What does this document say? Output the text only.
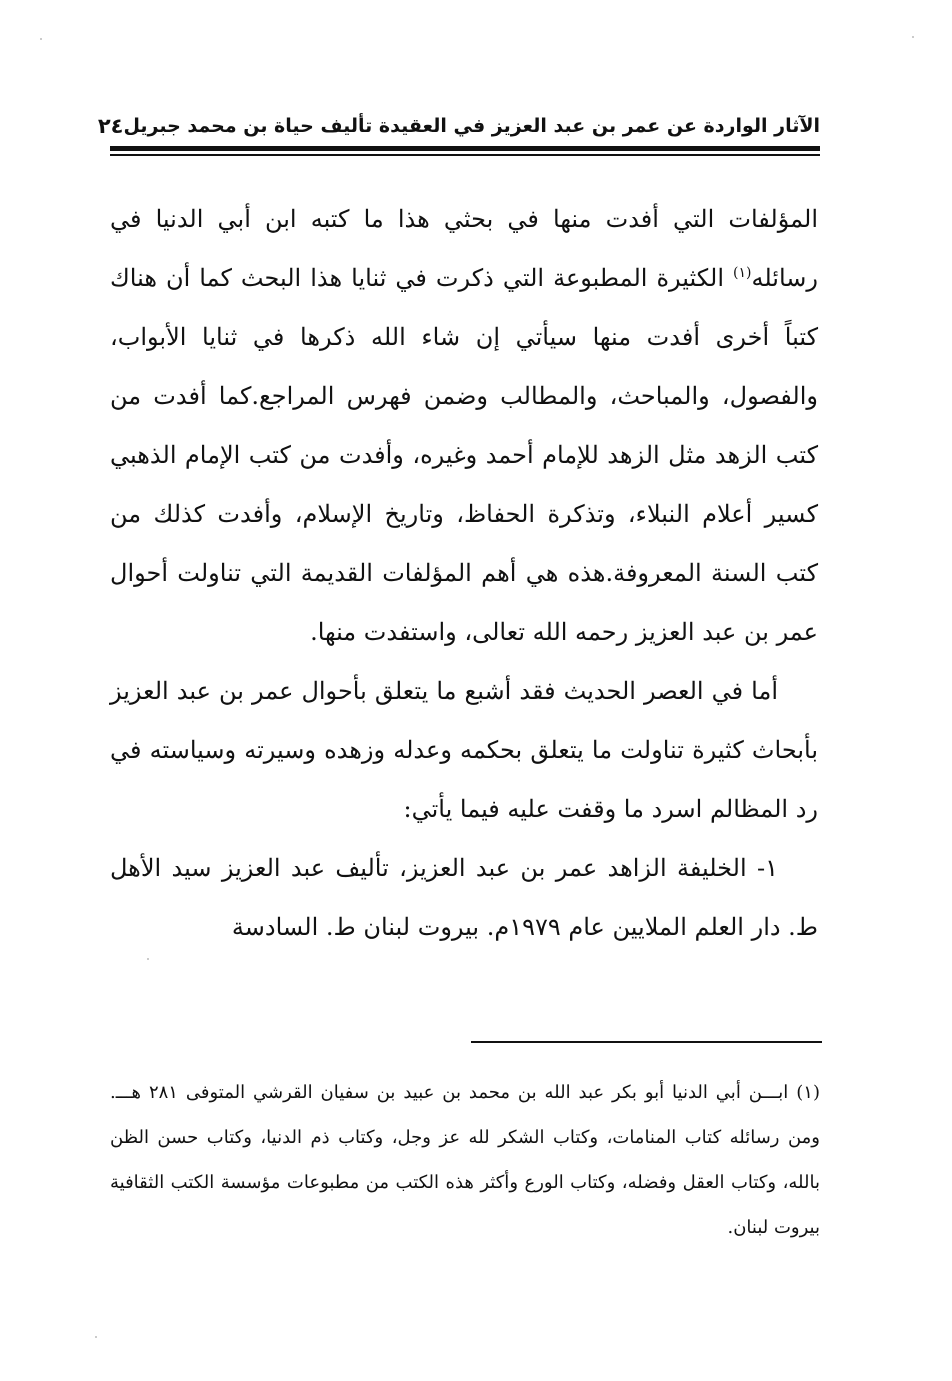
الآثار الواردة عن عمر بن عبد العزيز في العقيدة تأليف حياة بن محمد جبريل
٢٤

المؤلفات التي أفدت منها في بحثي هذا ما كتبه ابن أبي الدنيا في رسائله$^{(١)}$ الكثيرة المطبوعة التي ذكرت في ثنايا هذا البحث كما أن هناك كتباً أخرى أفدت منها سيأتي إن شاء الله ذكرها في ثنايا الأبواب، والفصول، والمباحث، والمطالب وضمن فهرس المراجع.كما أفدت من كتب الزهد مثل الزهد للإمام أحمد وغيره، وأفدت من كتب الإمام الذهبي كسير أعلام النبلاء، وتذكرة الحفاظ، وتاريخ الإسلام، وأفدت كذلك من كتب السنة المعروفة.هذه هي أهم المؤلفات القديمة التي تناولت أحوال عمر بن عبد العزيز رحمه الله تعالى، واستفدت منها.

أما في العصر الحديث فقد أشبع ما يتعلق بأحوال عمر بن عبد العزيز بأبحاث كثيرة تناولت ما يتعلق بحكمه وعدله وزهده وسيرته وسياسته في رد المظالم اسرد ما وقفت عليه فيما يأتي:

١- الخليفة الزاهد عمر بن عبد العزيز، تأليف عبد العزيز سيد الأهل ط. دار العلم الملايين عام ١٩٧٩م. بيروت لبنان ط. السادسة

(١)ابـــن أبي الدنيا أبو بكر عبد الله بن محمد بن عبيد بن سفيان القرشي المتوفى ٢٨١ هـــ. ومن رسائله كتاب المنامات، وكتاب الشكر لله عز وجل، وكتاب ذم الدنيا، وكتاب حسن الظن بالله، وكتاب العقل وفضله، وكتاب الورع وأكثر هذه الكتب من مطبوعات مؤسسة الكتب الثقافية بيروت لبنان.
